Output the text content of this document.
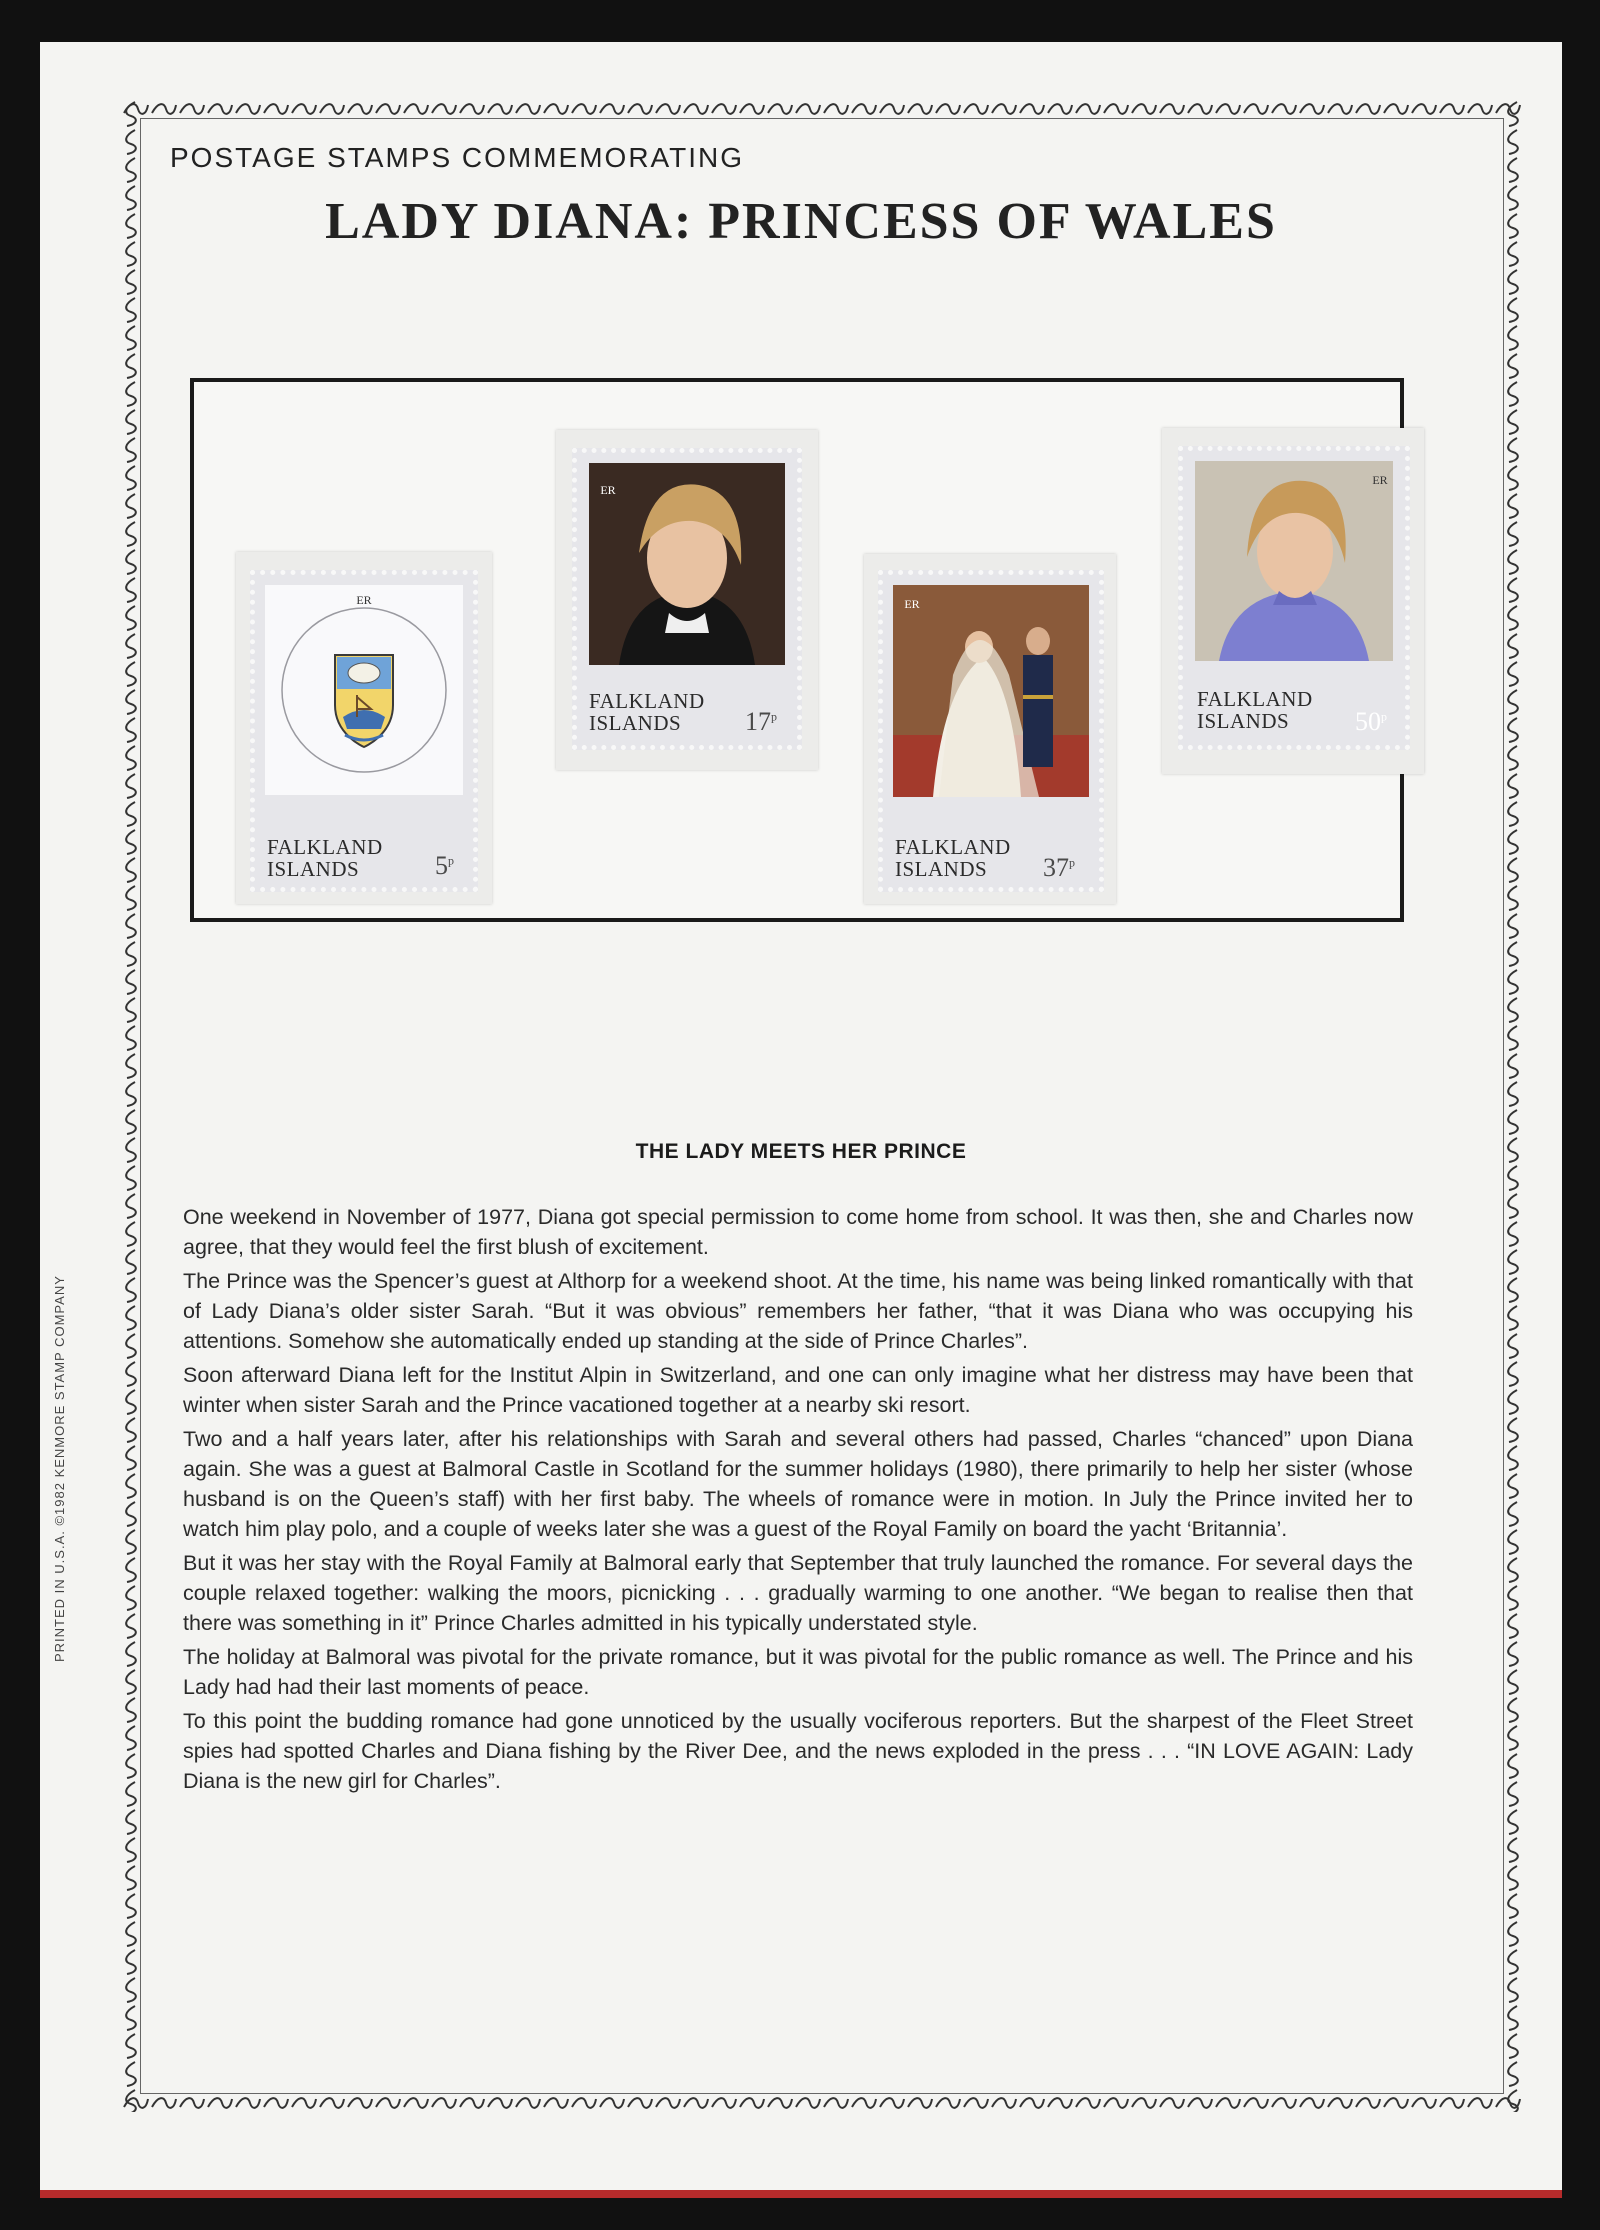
POSTAGE STAMPS COMMEMORATING
LADY DIANA: PRINCESS OF WALES
ER
FALKLAND
ISLANDS	5$^p$
ER
FALKLAND
ISLANDS 17$^p$
ER
FALKLAND
ISLANDS 37$^p$
ER
FALKLAND
ISLANDS	50$^p$
THE LADY MEETS HER PRINCE

One weekend in November of 1977, Diana got special permission to come home from school. It was then, she and Charles now agree, that they would feel the first blush of excitement.

The Prince was the Spencer’s guest at Althorp for a weekend shoot. At the time, his name was being linked romantically with that of Lady Diana’s older sister Sarah. “But it was obvious” remembers her father, “that it was Diana who was occupying his attentions. Somehow she automatically ended up standing at the side of Prince Charles”.

Soon afterward Diana left for the Institut Alpin in Switzerland, and one can only imagine what her distress may have been that winter when sister Sarah and the Prince vacationed together at a nearby ski resort.

Two and a half years later, after his relationships with Sarah and several others had passed, Charles “chanced” upon Diana again. She was a guest at Balmoral Castle in Scotland for the summer holidays (1980), there primarily to help her sister (whose husband is on the Queen’s staff) with her first baby. The wheels of romance were in motion. In July the Prince invited her to watch him play polo, and a couple of weeks later she was a guest of the Royal Family on board the yacht ‘Britannia’.

But it was her stay with the Royal Family at Balmoral early that September that truly launched the romance. For several days the couple relaxed together: walking the moors, picnicking . . . gradually warming to one another. “We began to realise then that there was something in it” Prince Charles admitted in his typically understated style.

The holiday at Balmoral was pivotal for the private romance, but it was pivotal for the public romance as well. The Prince and his Lady had had their last moments of peace.

To this point the budding romance had gone unnoticed by the usually vociferous reporters. But the sharpest of the Fleet Street spies had spotted Charles and Diana fishing by the River Dee, and the news exploded in the press . . . “IN LOVE AGAIN: Lady Diana is the new girl for Charles”.

PRINTED IN U.S.A. ©1982 KENMORE STAMP COMPANY
